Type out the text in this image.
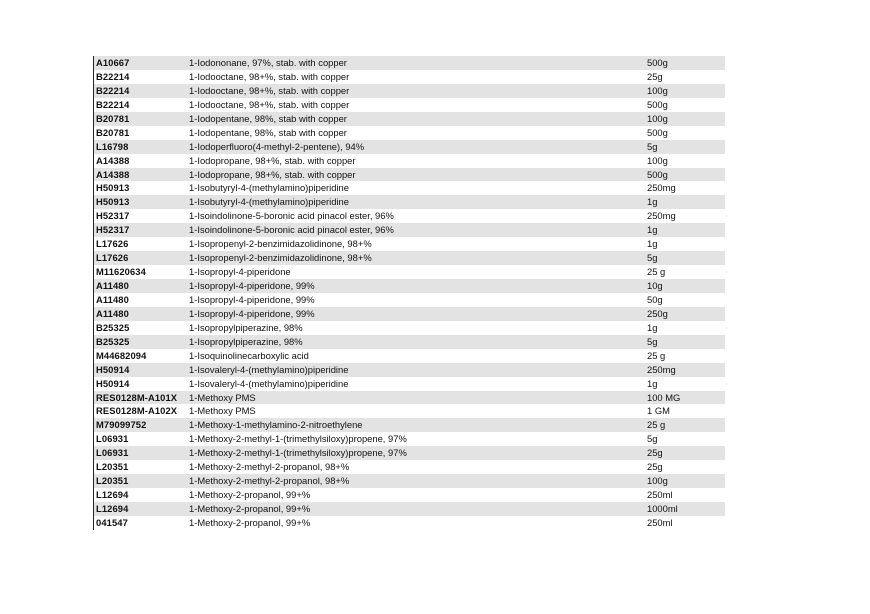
A10667	1-Iodononane, 97%, stab. with copper	500g
B22214	1-Iodooctane, 98+%, stab. with copper	25g
B22214	1-Iodooctane, 98+%, stab. with copper	100g
B22214	1-Iodooctane, 98+%, stab. with copper	500g
B20781	1-Iodopentane, 98%, stab with copper	100g
B20781	1-Iodopentane, 98%, stab with copper	500g
L16798	1-Iodoperfluoro(4-methyl-2-pentene), 94%	5g
A14388	1-Iodopropane, 98+%, stab. with copper	100g
A14388	1-Iodopropane, 98+%, stab. with copper	500g
H50913	1-Isobutyryl-4-(methylamino)piperidine	250mg
H50913	1-Isobutyryl-4-(methylamino)piperidine	1g
H52317	1-Isoindolinone-5-boronic acid pinacol ester, 96%	250mg
H52317	1-Isoindolinone-5-boronic acid pinacol ester, 96%	1g
L17626	1-Isopropenyl-2-benzimidazolidinone, 98+%	1g
L17626	1-Isopropenyl-2-benzimidazolidinone, 98+%	5g
M11620634	1-Isopropyl-4-piperidone	25 g
A11480	1-Isopropyl-4-piperidone, 99%	10g
A11480	1-Isopropyl-4-piperidone, 99%	50g
A11480	1-Isopropyl-4-piperidone, 99%	250g
B25325	1-Isopropylpiperazine, 98%	1g
B25325	1-Isopropylpiperazine, 98%	5g
M44682094	1-Isoquinolinecarboxylic acid	25 g
H50914	1-Isovaleryl-4-(methylamino)piperidine	250mg
H50914	1-Isovaleryl-4-(methylamino)piperidine	1g
RES0128M-A101X 1-Methoxy PMS	100 MG
RES0128M-A102X 1-Methoxy PMS	1 GM
M79099752	1-Methoxy-1-methylamino-2-nitroethylene	25 g
L06931	1-Methoxy-2-methyl-1-(trimethylsiloxy)propene, 97%	5g
L06931	1-Methoxy-2-methyl-1-(trimethylsiloxy)propene, 97%	25g
L20351	1-Methoxy-2-methyl-2-propanol, 98+%	25g
L20351	1-Methoxy-2-methyl-2-propanol, 98+%	100g
L12694	1-Methoxy-2-propanol, 99+%	250ml
L12694	1-Methoxy-2-propanol, 99+%	1000ml
041547	1-Methoxy-2-propanol, 99+%	250ml
